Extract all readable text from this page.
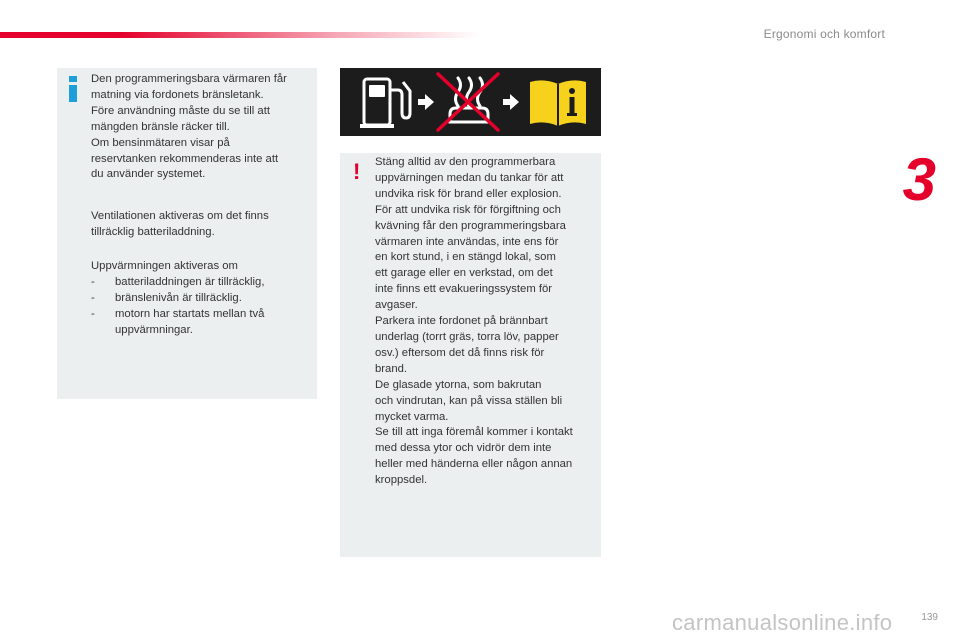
Ergonomi och komfort
3
Den programmeringsbara värmaren får
matning via fordonets bränsletank.
Före användning måste du se till att
mängden bränsle räcker till.
Om bensinmätaren visar på
reservtanken rekommenderas inte att
du använder systemet.
Ventilationen aktiveras om det finns
tillräcklig batteriladdning.
Uppvärmningen aktiveras om
- batteriladdningen är tillräcklig,
- bränslenivån är tillräcklig.
- motorn har startats mellan två uppvärmningar.
! Stäng alltid av den programmerbara
uppvärningen medan du tankar för att
undvika risk för brand eller explosion.
För att undvika risk för förgiftning och
kvävning får den programmeringsbara
värmaren inte användas, inte ens för
en kort stund, i en stängd lokal, som
ett garage eller en verkstad, om det
inte finns ett evakueringssystem för
avgaser.
Parkera inte fordonet på brännbart
underlag (torrt gräs, torra löv, papper
osv.) eftersom det då finns risk för
brand.
De glasade ytorna, som bakrutan
och vindrutan, kan på vissa ställen bli
mycket varma.
Se till att inga föremål kommer i kontakt
med dessa ytor och vidrör dem inte
heller med händerna eller någon annan
kroppsdel.
carmanualsonline.info	139
